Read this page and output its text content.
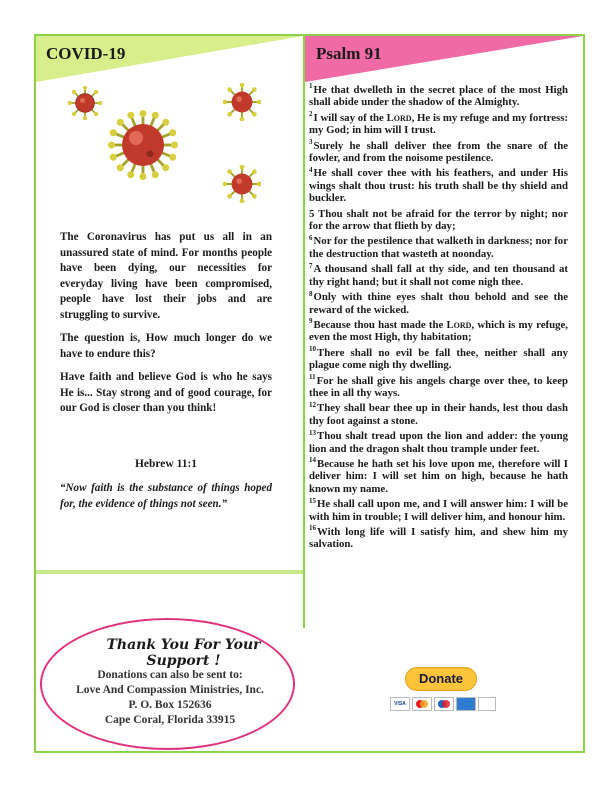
COVID-19	Psalm 91

The Coronavirus has put us all in an unassured state of mind. For months people have been dying, our necessities for everyday living have been compromised, people have lost their jobs and are struggling to survive.

The question is, How much longer do we have to endure this?

Have faith and believe God is who he says He is... Stay strong and of good courage, for our God is closer than you think!

Hebrew 11:1
“Now faith is the substance of things hoped for, the evidence of things not seen.”
$^1$He that dwelleth in the secret place of the most High shall abide under the shadow of the Almighty.
$^2$I will say of the Lord, He is my refuge and my fortress: my God; in him will I trust.
$^3$Surely he shall deliver thee from the snare of the fowler, and from the noisome pestilence.
$^4$He shall cover thee with his feathers, and under His wings shalt thou trust: his truth shall be thy shield and buckler.
5 Thou shalt not be afraid for the terror by night; nor for the arrow that flieth by day;
$^6$Nor for the pestilence that walketh in darkness; nor for the destruction that wasteth at noonday.
$^7$A thousand shall fall at thy side, and ten thousand at thy right hand; but it shall not come nigh thee.
$^8$Only with thine eyes shalt thou behold and see the reward of the wicked.
$^9$Because thou hast made the Lord, which is my refuge, even the most High, thy habitation;
$^{10}$There shall no evil be fall thee, neither shall any plague come nigh thy dwelling.
$^{11}$For he shall give his angels charge over thee, to keep thee in all thy ways.
$^{12}$They shall bear thee up in their hands, lest thou dash thy foot against a stone.
$^{13}$Thou shalt tread upon the lion and adder: the young lion and the dragon shalt thou trample under feet.
$^{14}$Because he hath set his love upon me, therefore will I deliver him: I will set him on high, because he hath known my name.
$^{15}$He shall call upon me, and I will answer him: I will be with him in trouble; I will deliver him, and honour him.
$^{16}$With long life will I satisfy him, and shew him my salvation.
Thank You For Your Support !
Donations can also be sent to:
Love And Compassion Ministries, Inc.
P. O. Box 152636
Cape Coral, Florida 33915
Donate
VISA
